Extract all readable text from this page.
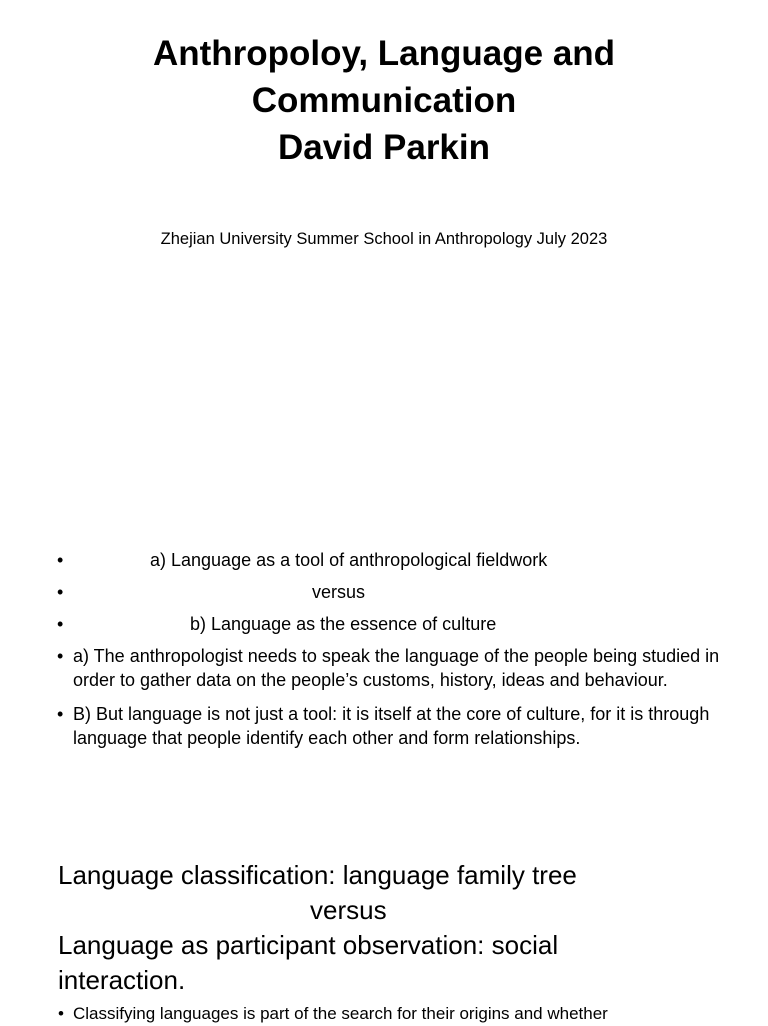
Anthropoloy, Language and
Communication
David Parkin
Zhejian University Summer School in Anthropology July 2023
•	a) Language as a tool of anthropological fieldwork
•	versus
•	b) Language as the essence of culture
• a) The anthropologist needs to speak the language of the people being studied in order to gather data on the people’s customs, history, ideas and behaviour.
• B) But language is not just a tool: it is itself at the core of culture, for it is through language that people identify each other and form relationships.
Language classification: language family tree
versus
Language as participant observation: social
interaction.
• Classifying languages is part of the search for their origins and whether
